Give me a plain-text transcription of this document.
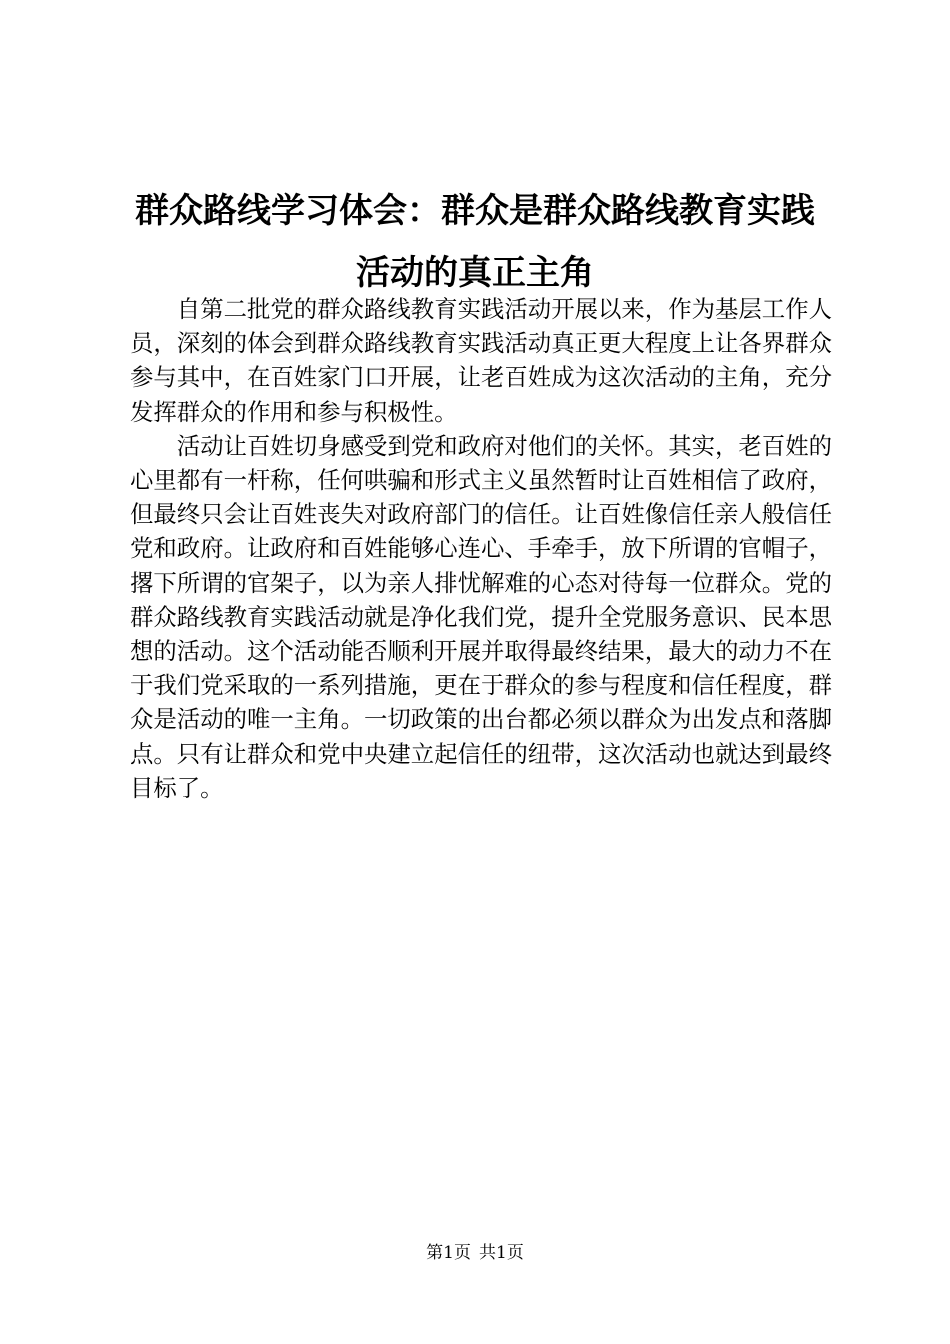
群众路线学习体会：群众是群众路线教育实践
活动的真正主角

自第二批党的群众路线教育实践活动开展以来，作为基层工作人员，深刻的体会到群众路线教育实践活动真正更大程度上让各界群众参与其中，在百姓家门口开展，让老百姓成为这次活动的主角，充分发挥群众的作用和参与积极性。

活动让百姓切身感受到党和政府对他们的关怀。其实，老百姓的心里都有一杆称，任何哄骗和形式主义虽然暂时让百姓相信了政府，但最终只会让百姓丧失对政府部门的信任。让百姓像信任亲人般信任党和政府。让政府和百姓能够心连心、手牵手，放下所谓的官帽子，撂下所谓的官架子，以为亲人排忧解难的心态对待每一位群众。党的群众路线教育实践活动就是净化我们党，提升全党服务意识、民本思想的活动。这个活动能否顺利开展并取得最终结果，最大的动力不在于我们党采取的一系列措施，更在于群众的参与程度和信任程度，群众是活动的唯一主角。一切政策的出台都必须以群众为出发点和落脚点。只有让群众和党中央建立起信任的纽带，这次活动也就达到最终目标了。

第1页 共1页
